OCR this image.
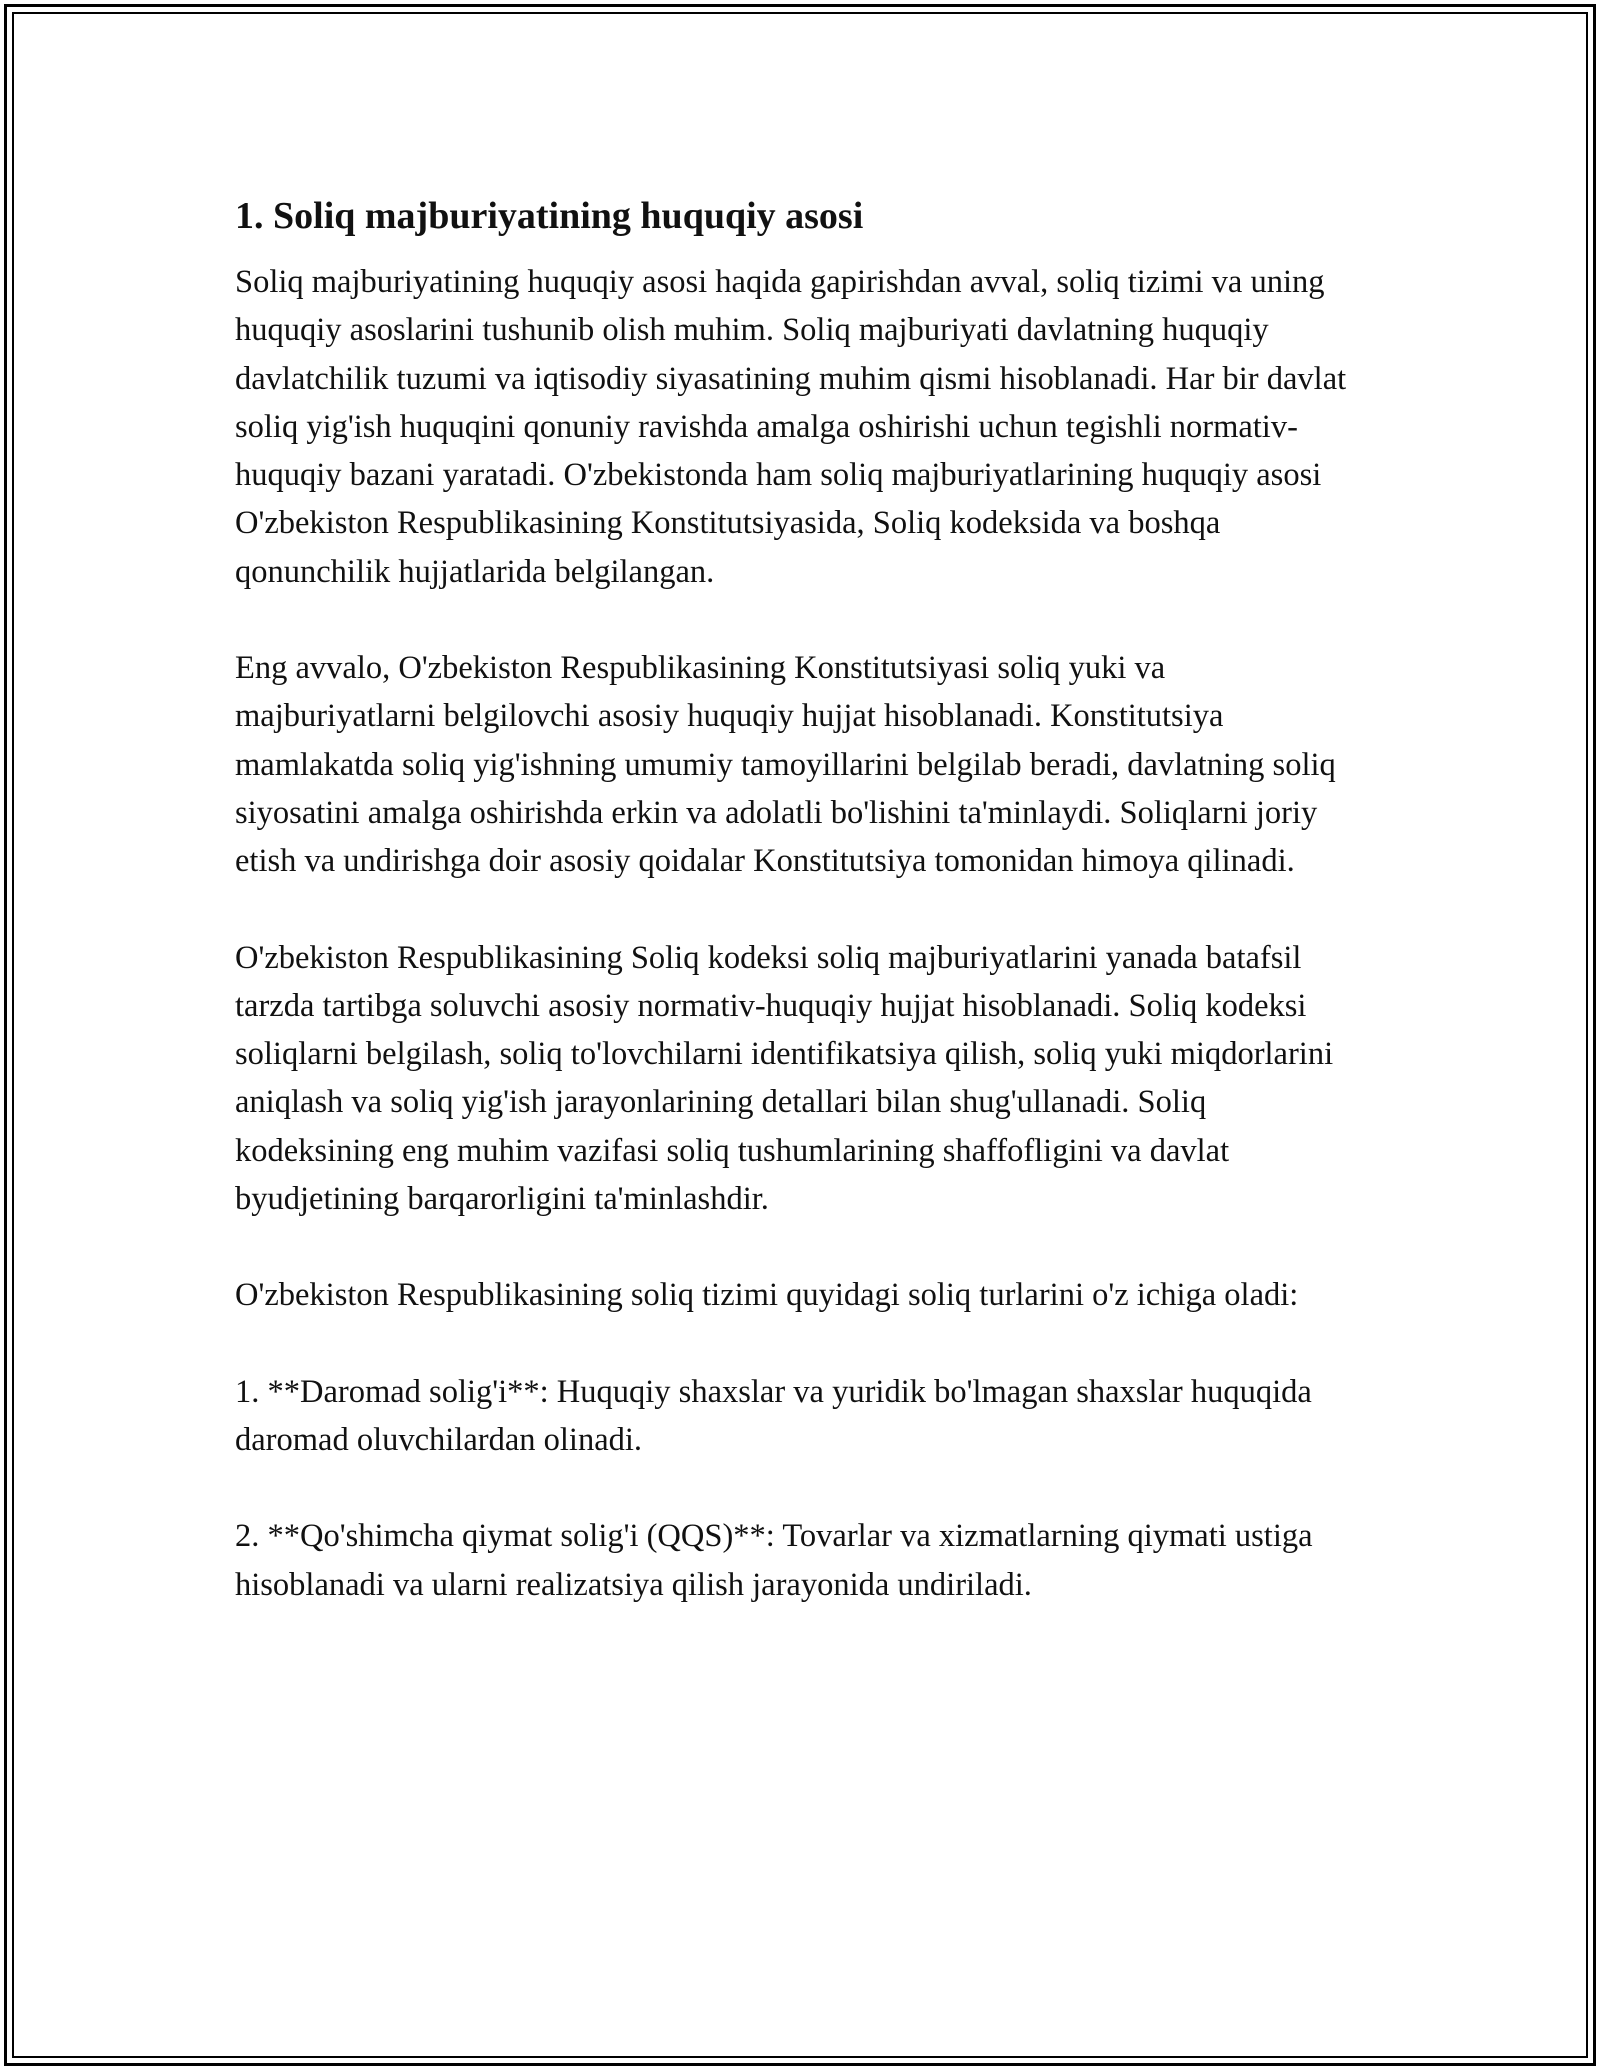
1. Soliq majburiyatining huquqiy asosi

Soliq majburiyatining huquqiy asosi haqida gapirishdan avval, soliq tizimi va uning huquqiy asoslarini tushunib olish muhim. Soliq majburiyati davlatning huquqiy davlatchilik tuzumi va iqtisodiy siyasatining muhim qismi hisoblanadi. Har bir davlat soliq yig'ish huquqini qonuniy ravishda amalga oshirishi uchun tegishli normativ-huquqiy bazani yaratadi. O'zbekistonda ham soliq majburiyatlarining huquqiy asosi O'zbekiston Respublikasining Konstitutsiyasida, Soliq kodeksida va boshqa qonunchilik hujjatlarida belgilangan.

Eng avvalo, O'zbekiston Respublikasining Konstitutsiyasi soliq yuki va majburiyatlarni belgilovchi asosiy huquqiy hujjat hisoblanadi. Konstitutsiya mamlakatda soliq yig'ishning umumiy tamoyillarini belgilab beradi, davlatning soliq siyosatini amalga oshirishda erkin va adolatli bo'lishini ta'minlaydi. Soliqlarni joriy etish va undirishga doir asosiy qoidalar Konstitutsiya tomonidan himoya qilinadi.

O'zbekiston Respublikasining Soliq kodeksi soliq majburiyatlarini yanada batafsil tarzda tartibga soluvchi asosiy normativ-huquqiy hujjat hisoblanadi. Soliq kodeksi soliqlarni belgilash, soliq to'lovchilarni identifikatsiya qilish, soliq yuki miqdorlarini aniqlash va soliq yig'ish jarayonlarining detallari bilan shug'ullanadi. Soliq kodeksining eng muhim vazifasi soliq tushumlarining shaffofligini va davlat byudjetining barqarorligini ta'minlashdir.

O'zbekiston Respublikasining soliq tizimi quyidagi soliq turlarini o'z ichiga oladi:

1. **Daromad solig'i**: Huquqiy shaxslar va yuridik bo'lmagan shaxslar huquqida daromad oluvchilardan olinadi.

2. **Qo'shimcha qiymat solig'i (QQS)**: Tovarlar va xizmatlarning qiymati ustiga hisoblanadi va ularni realizatsiya qilish jarayonida undiriladi.
